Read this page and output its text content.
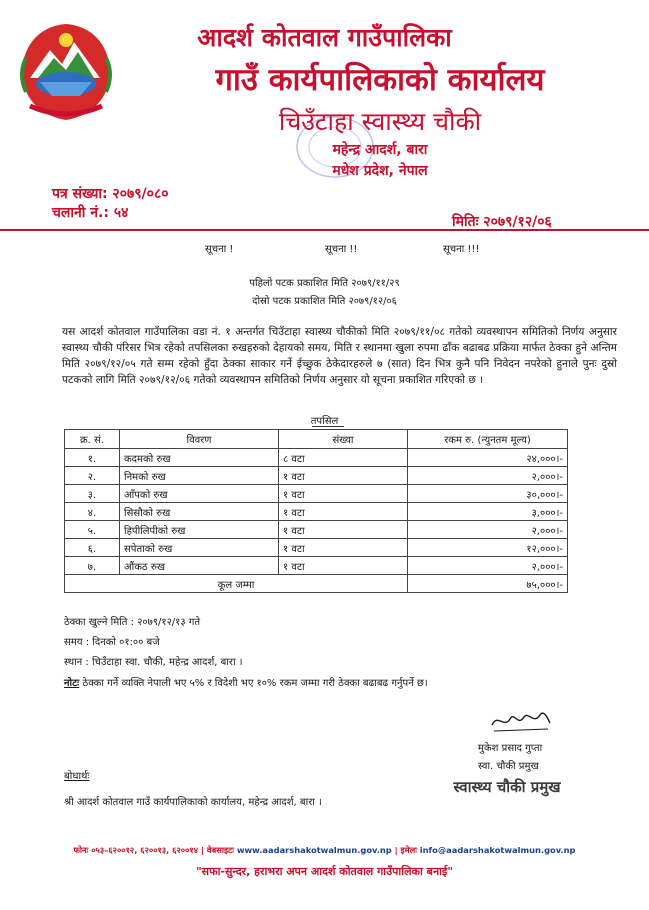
आदर्श कोतवाल गाउँपालिका
गाउँ कार्यपालिकाको कार्यालय
चिउँटाहा स्वास्थ्य चौकी
महेन्द्र आदर्श, बारा
मधेश प्रदेश, नेपाल
पत्र संख्या: २०७९/०८०
चलानी नं.: ५४
मितिः २०७९/१२/०६
सूचना !	सूचना !!	सूचना !!!
पहिलो पटक प्रकाशित मिति २०७९/११/२९
दोस्रो पटक प्रकाशित मिति २०७९/१२/०६
यस आदर्श कोतवाल गाउँपालिका वडा नं. १ अन्तर्गत चिउँटाहा स्वास्थ्य चौकीको मिति २०७९/११/०८ गतेको व्यवस्थापन समितिको निर्णय अनुसार स्वास्थ्य चौकी परिसर भित्र रहेको तपसिलका रुखहरुको देहायको समय, मिति र स्थानमा खुला रुपमा ढाँक बढाबढ प्रक्रिया मार्फत ठेक्का हुने अन्तिम मिति २०७९/१२/०५ गते सम्म रहेको हुँदा ठेक्का साकार गर्ने ईच्छुक ठेकेदारहरुले ७ (सात) दिन भित्र कुनै पनि निवेदन नपरेको हुनाले पुनः दुस्रो पटकको लागि मिति २०७९/१२/०६ गतेको व्यवस्थापन समितिको निर्णय अनुसार यो सूचना प्रकाशित गरिएको छ ।
तपसिल
क्र. सं.	विवरण	संख्या	रकम रु. (न्युनतम मूल्य)
१.	कदमको रुख	८ वटा	२४,०००।-
२.	निमको रुख	१ वटा	२,०००।-
३.	आँपको रुख	१ वटा	३०,०००।-
४.	सिसौको रुख	१ वटा	३,०००।-
५.	हिपीलिपीको रुख	१ वटा	२,०००।-
६.	सपेताको रुख	१ वटा	१२,०००।-
७.	औंकठ रुख	१ वटा	२,०००।-
कूल जम्मा			७५,०००।-
ठेक्का खुल्ने मिति : २०७९/१२/१३ गते
समय : दिनको ०१:०० बजे
स्थान : चिउँटाहा स्वा. चौकी, महेन्द्र आदर्श, बारा ।
नोटः ठेक्का गर्ने व्यक्ति नेपाली भए ५% र विदेशी भए १०% रकम जम्मा गरी ठेक्का बढाबढ गर्नुपर्ने छ।
मुकेश प्रसाद गुप्ता
स्वा. चौकी प्रमुख
स्वास्थ्य चौकी प्रमुख
बोधार्थः
श्री आदर्श कोतवाल गाउँ कार्यपालिकाको कार्यालय, महेन्द्र आदर्श, बारा ।
फोनः ०५३–६२००१२, ६२००१३, ६२००१४ | वेबसाइटः www.aadarshakotwalmun.gov.np | इमेलः info@aadarshakotwalmun.gov.np
"सफा-सुन्दर, हराभरा अपन आदर्श कोतवाल गाउँपालिका बनाई"
